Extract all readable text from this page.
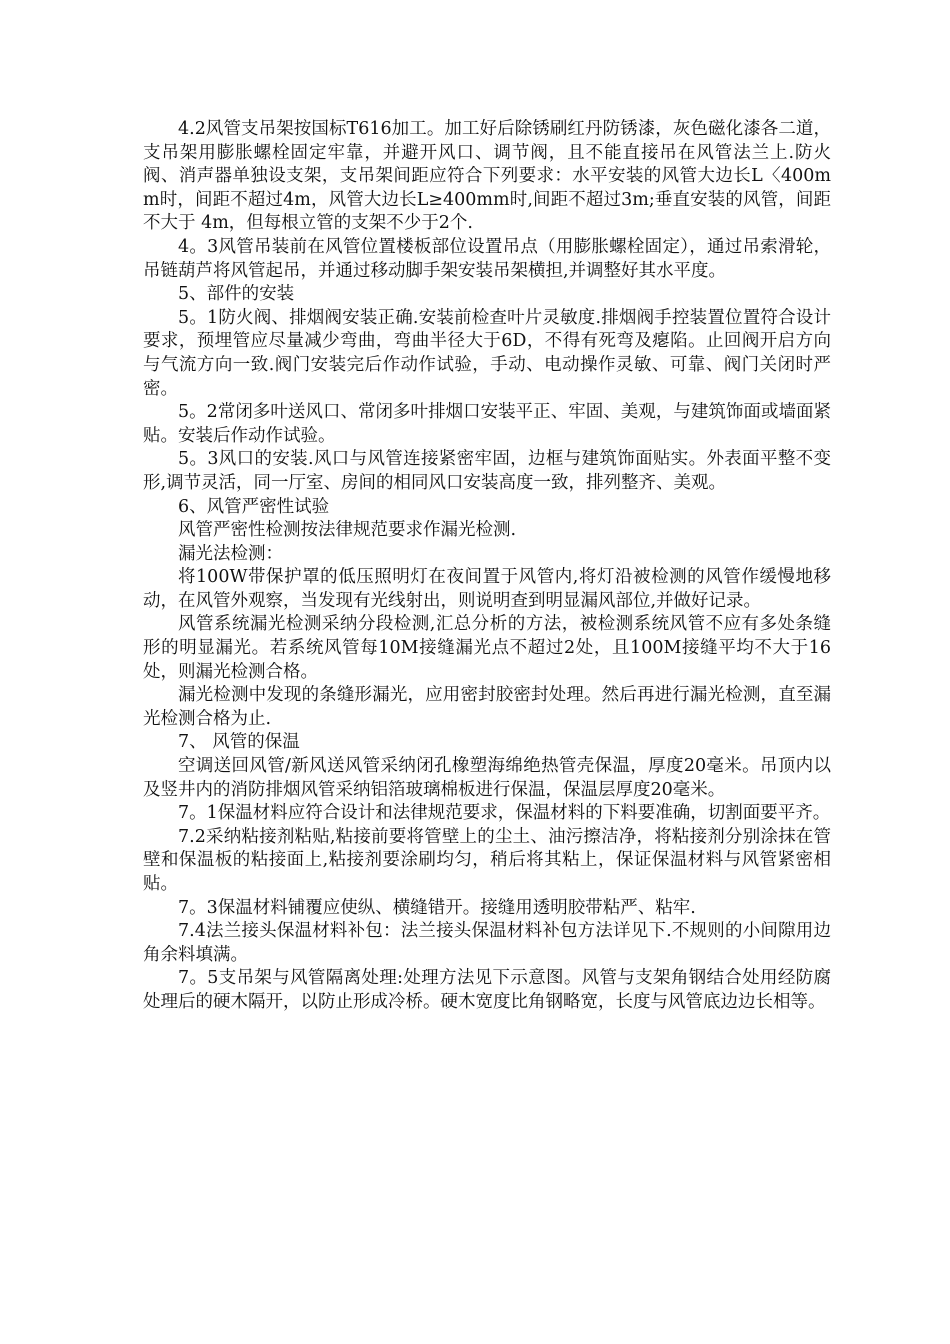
4.2风管支吊架按国标T616加工。加工好后除锈刷红丹防锈漆，灰色磁化漆各二道，支吊架用膨胀螺栓固定牢靠，并避开风口、调节阀，且不能直接吊在风管法兰上.防火阀、消声器单独设支架，支吊架间距应符合下列要求：水平安装的风管大边长L〈400mm时，间距不超过4m，风管大边长L≥400mm时,间距不超过3m;垂直安装的风管，间距不大于 4m，但每根立管的支架不少于2个.

4。3风管吊装前在风管位置楼板部位设置吊点（用膨胀螺栓固定），通过吊索滑轮，吊链葫芦将风管起吊，并通过移动脚手架安装吊架横担,并调整好其水平度。

5、部件的安装

5。1防火阀、排烟阀安装正确.安装前检查叶片灵敏度.排烟阀手控装置位置符合设计要求，预埋管应尽量减少弯曲，弯曲半径大于6D，不得有死弯及瘪陷。止回阀开启方向与气流方向一致.阀门安装完后作动作试验，手动、电动操作灵敏、可靠、阀门关闭时严密。

5。2常闭多叶送风口、常闭多叶排烟口安装平正、牢固、美观，与建筑饰面或墙面紧贴。安装后作动作试验。

5。3风口的安装.风口与风管连接紧密牢固，边框与建筑饰面贴实。外表面平整不变形,调节灵活，同一厅室、房间的相同风口安装高度一致，排列整齐、美观。

6、风管严密性试验

风管严密性检测按法律规范要求作漏光检测.

漏光法检测：

将100W带保护罩的低压照明灯在夜间置于风管内,将灯沿被检测的风管作缓慢地移动，在风管外观察，当发现有光线射出，则说明查到明显漏风部位,并做好记录。

风管系统漏光检测采纳分段检测,汇总分析的方法，被检测系统风管不应有多处条缝形的明显漏光。若系统风管每10M接缝漏光点不超过2处，且100M接缝平均不大于16处，则漏光检测合格。

漏光检测中发现的条缝形漏光，应用密封胶密封处理。然后再进行漏光检测，直至漏光检测合格为止.

7、 风管的保温

空调送回风管/新风送风管采纳闭孔橡塑海绵绝热管壳保温，厚度20毫米。吊顶内以及竖井内的消防排烟风管采纳铝箔玻璃棉板进行保温，保温层厚度20毫米。

7。1保温材料应符合设计和法律规范要求，保温材料的下料要准确，切割面要平齐。

7.2采纳粘接剂粘贴,粘接前要将管壁上的尘土、油污擦洁净，将粘接剂分别涂抹在管壁和保温板的粘接面上,粘接剂要涂刷均匀，稍后将其粘上，保证保温材料与风管紧密相贴。

7。3保温材料铺覆应使纵、横缝错开。接缝用透明胶带粘严、粘牢.

7.4法兰接头保温材料补包：法兰接头保温材料补包方法详见下.不规则的小间隙用边角余料填满。

7。5支吊架与风管隔离处理:处理方法见下示意图。风管与支架角钢结合处用经防腐处理后的硬木隔开，以防止形成冷桥。硬木宽度比角钢略宽，长度与风管底边边长相等。
